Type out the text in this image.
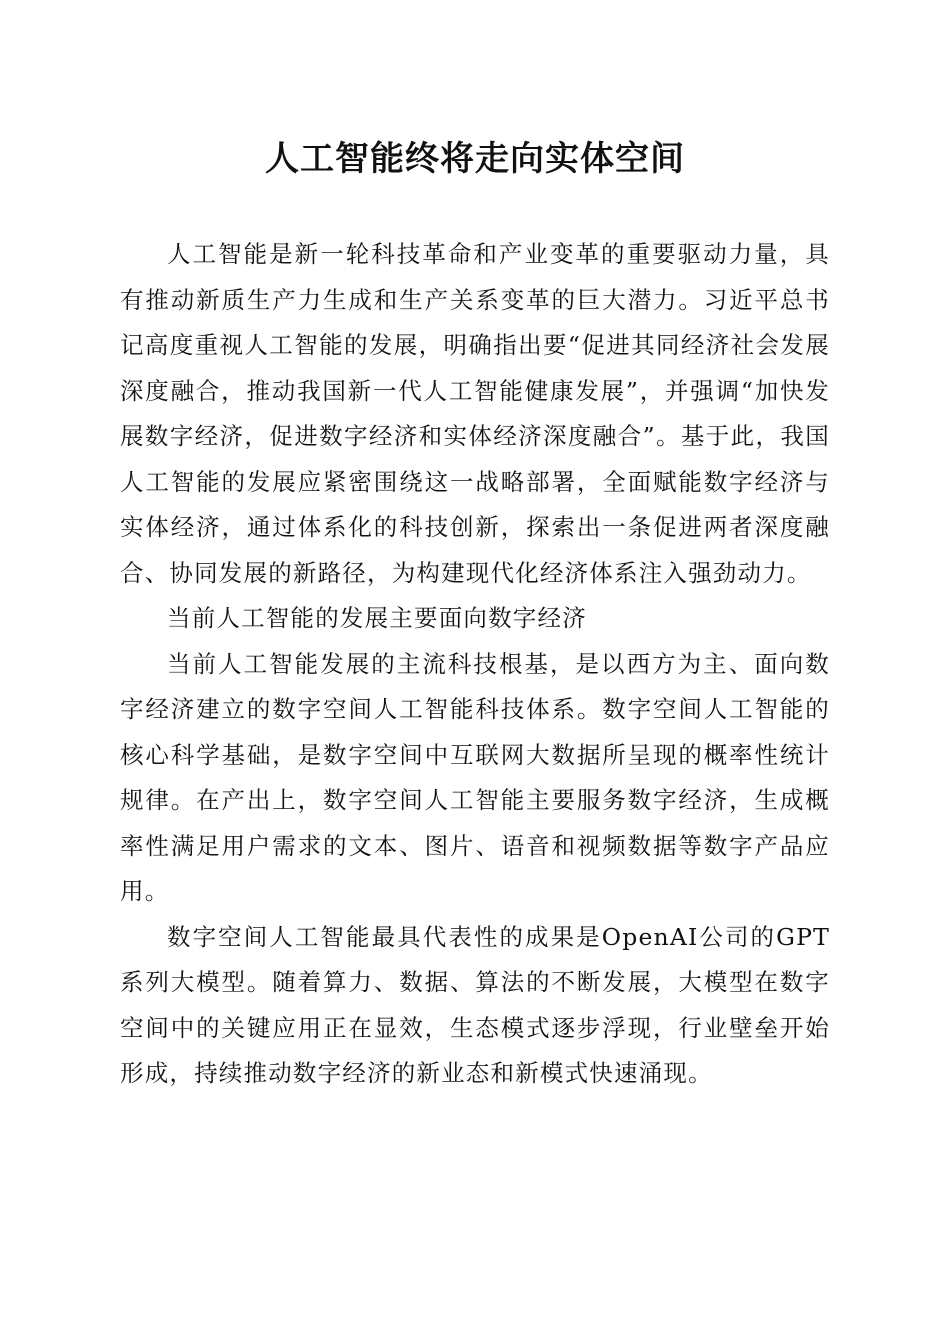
人工智能终将走向实体空间

人工智能是新一轮科技革命和产业变革的重要驱动力量，具有推动新质生产力生成和生产关系变革的巨大潜力。习近平总书记高度重视人工智能的发展，明确指出要“促进其同经济社会发展深度融合，推动我国新一代人工智能健康发展”，并强调“加快发展数字经济，促进数字经济和实体经济深度融合”。基于此，我国人工智能的发展应紧密围绕这一战略部署，全面赋能数字经济与实体经济，通过体系化的科技创新，探索出一条促进两者深度融合、协同发展的新路径，为构建现代化经济体系注入强劲动力。

当前人工智能的发展主要面向数字经济

当前人工智能发展的主流科技根基，是以西方为主、面向数字经济建立的数字空间人工智能科技体系。数字空间人工智能的核心科学基础，是数字空间中互联网大数据所呈现的概率性统计规律。在产出上，数字空间人工智能主要服务数字经济，生成概率性满足用户需求的文本、图片、语音和视频数据等数字产品应用。

数字空间人工智能最具代表性的成果是OpenAI公司的GPT系列大模型。随着算力、数据、算法的不断发展，大模型在数字空间中的关键应用正在显效，生态模式逐步浮现，行业壁垒开始形成，持续推动数字经济的新业态和新模式快速涌现。
